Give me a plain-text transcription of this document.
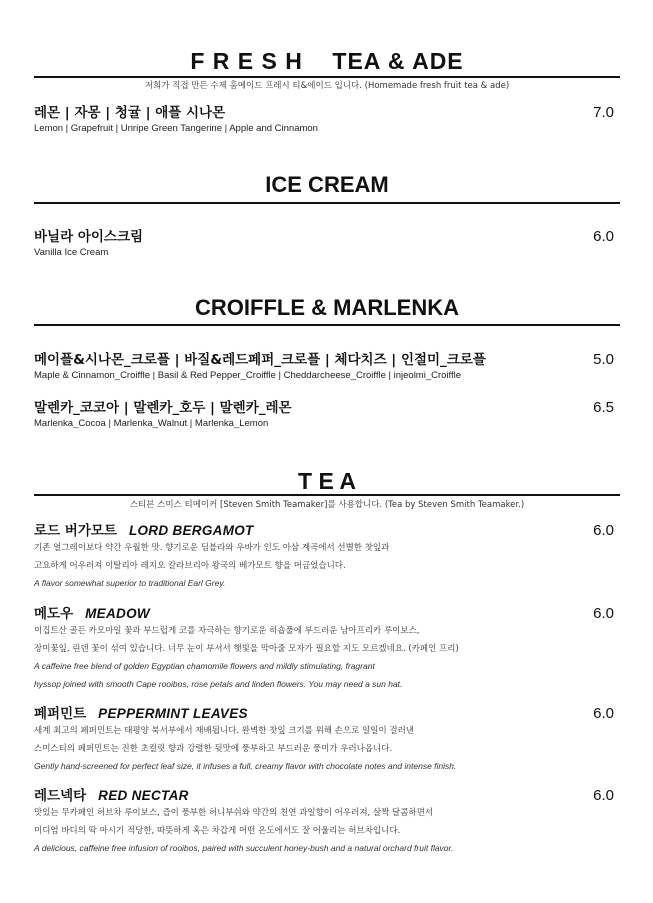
F R E S H    TEA & ADE
저희가 직접 만든 수제 홈메이드 프레시 티&에이드 입니다. (Homemade fresh fruit tea & ade)
레몬 | 자몽 | 청귤 | 애플 시나몬
Lemon | Grapefruit | Unripe Green Tangerine | Apple and Cinnamon
7.0
ICE CREAM
바닐라 아이스크림
Vanilla Ice Cream
6.0
CROIFFLE & MARLENKA
메이플&시나몬_크로플 | 바질&레드페퍼_크로플 | 체다치즈 | 인절미_크로플
Maple & Cinnamon_Croiffle | Basil & Red Pepper_Croiffle | Cheddarcheese_Croiffle | injeolmi_Croiffle
5.0
말렌카_코코아 | 말렌카_호두 | 말렌카_레몬
Marlenka_Cocoa | Marlenka_Walnut | Marlenka_Lemon
6.5
T E A
스티븐 스미스 티메이커 [Steven Smith Teamaker]를 사용합니다. (Tea by Steven Smith Teamaker.)
로드 버가모트 LORD BERGAMOT
기존 얼그레이보다 약간 우월한 맛. 향기로운 딤블라와 우바가 인도 아삼 계곡에서 선별한 찻잎과
고요하게 어우러져 이탈리아 레지오 칼라브리아 왕국의 베가모트 향을 머금었습니다.
A flavor somewhat superior to traditional Earl Grey.
6.0
메도우 MEADOW
이집트산 골든 카모마일 꽃과 부드럽게 코를 자극하는 향기로운 히숍풀에 부드러운 남아프리카 루이보스,
장미꽃잎, 린덴 꽃이 섞여 있습니다. 너무 눈이 부셔서 햇빛을 막아줄 모자가 필요할 지도 모르겠네요. (카페인 프리)
A caffeine free blend of golden Egyptian chamomile flowers and mildly stimulating, fragrant
hyssop joined with smooth Cape rooibos, rose petals and linden flowers. You may need a sun hat.
6.0
페퍼민트 PEPPERMINT LEAVES
세계 최고의 페퍼민트는 태평양 북서부에서 재배됩니다. 완벽한 찻잎 크기를 위해 손으로 일일이 걸러낸
스미스티의 페퍼민트는 진한 초컬릿 향과 강렬한 뒷맛에 풍부하고 부드러운 풍미가 우러나옵니다.
Gently hand-screened for perfect leaf size, it infuses a full, creamy flavor with chocolate notes and intense finish.
6.0
레드넥타 RED NECTAR
맛있는 무카페인 허브차 루이보스, 즙이 풍부한 허니부쉬와 약간의 천연 과일향이 어우러져, 살짝 달콤하면서
미디엄 바디의 딱 마시기 적당한, 따뜻하게 혹은 차갑게 어떤 온도에서도 잘 어울리는 허브차입니다.
A delicious, caffeine free infusion of rooibos, paired with succulent honey-bush and a natural orchard fruit flavor.
6.0
